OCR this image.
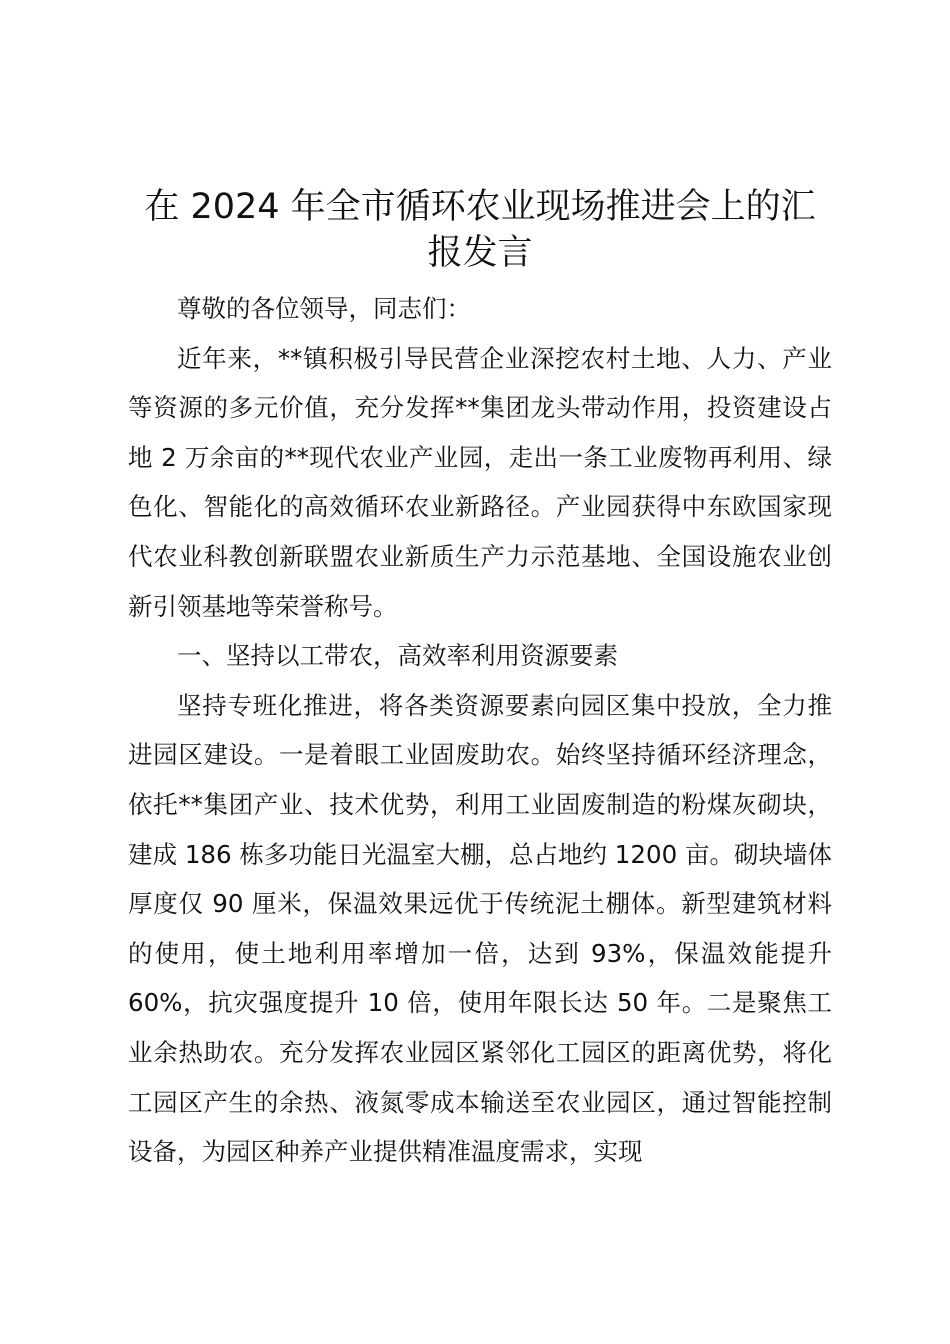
在 2024 年全市循环农业现场推进会上的汇报发言

尊敬的各位领导，同志们：

近年来，**镇积极引导民营企业深挖农村土地、人力、产业等资源的多元价值，充分发挥**集团龙头带动作用，投资建设占地 2 万余亩的**现代农业产业园，走出一条工业废物再利用、绿色化、智能化的高效循环农业新路径。产业园获得中东欧国家现代农业科教创新联盟农业新质生产力示范基地、全国设施农业创新引领基地等荣誉称号。

一、坚持以工带农，高效率利用资源要素

坚持专班化推进，将各类资源要素向园区集中投放，全力推进园区建设。一是着眼工业固废助农。始终坚持循环经济理念，依托**集团产业、技术优势，利用工业固废制造的粉煤灰砌块，建成 186 栋多功能日光温室大棚，总占地约 1200 亩。砌块墙体厚度仅 90 厘米，保温效果远优于传统泥土棚体。新型建筑材料的使用，使土地利用率增加一倍，达到 93%，保温效能提升 60%，抗灾强度提升 10 倍，使用年限长达 50 年。二是聚焦工业余热助农。充分发挥农业园区紧邻化工园区的距离优势，将化工园区产生的余热、液氮零成本输送至农业园区，通过智能控制设备，为园区种养产业提供精准温度需求，实现
